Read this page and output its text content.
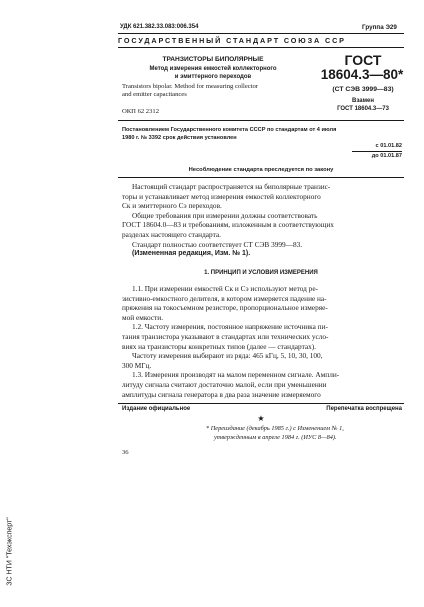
УДК 621.382.33.083:006.354	Группа Э29
ГОСУДАРСТВЕННЫЙ СТАНДАРТ СОЮЗА ССР
ТРАНЗИСТОРЫ БИПОЛЯРНЫЕ
Метод измерения емкостей коллекторного
и эмиттерного переходов
Transistors bipolar. Method for measuring collector
and emitter capacitances
ОКП 62 2312
ГОСТ
18604.3—80*
(СТ СЭВ 3999—83)
Взамен
ГОСТ 18604.3—73
Постановлением Государственного комитета СССР по стандартам от 4 июля
1980 г. № 3392 срок действия установлен
с 01.01.82
до 01.01.87
Несоблюдение стандарта преследуется по закону
Настоящий стандарт распространяется на биполярные транзис-
торы и устанавливает метод измерения емкостей коллекторного
Cк и эмиттерного Cэ переходов.
Общие требования при измерении должны соответствовать
ГОСТ 18604.0—83 и требованиям, изложенным в соответствующих
разделах настоящего стандарта.
Стандарт полностью соответствует СТ СЭВ 3999—83.
(Измененная редакция, Изм. № 1).
1. ПРИНЦИП И УСЛОВИЯ ИЗМЕРЕНИЯ
1.1. При измерении емкостей Cк и Cэ используют метод ре-
зистивно-емкостного делителя, в котором измеряется падение на-
пряжения на токосъемном резисторе, пропорциональное измеряе-
мой емкости.
1.2. Частоту измерения, постоянное напряжение источника пи-
тания транзистора указывают в стандартах или технических усло-
виях на транзисторы конкретных типов (далее — стандартах).
Частоту измерения выбирают из ряда: 465 кГц, 5, 10, 30, 100,
300 МГц.
1.3. Измерения производят на малом переменном сигнале. Ампли-
литуду сигнала считают достаточно малой, если при уменьшении
амплитуды сигнала генератора в два раза значение измеряемого
Издание официальное	Перепечатка воспрещена
★
* Переиздание (декабрь 1985 г.) с Изменением № 1,
утвержденным в апреле 1984 г. (ИУС 8—84).
36
ЗС НТИ "Техэксперт"
